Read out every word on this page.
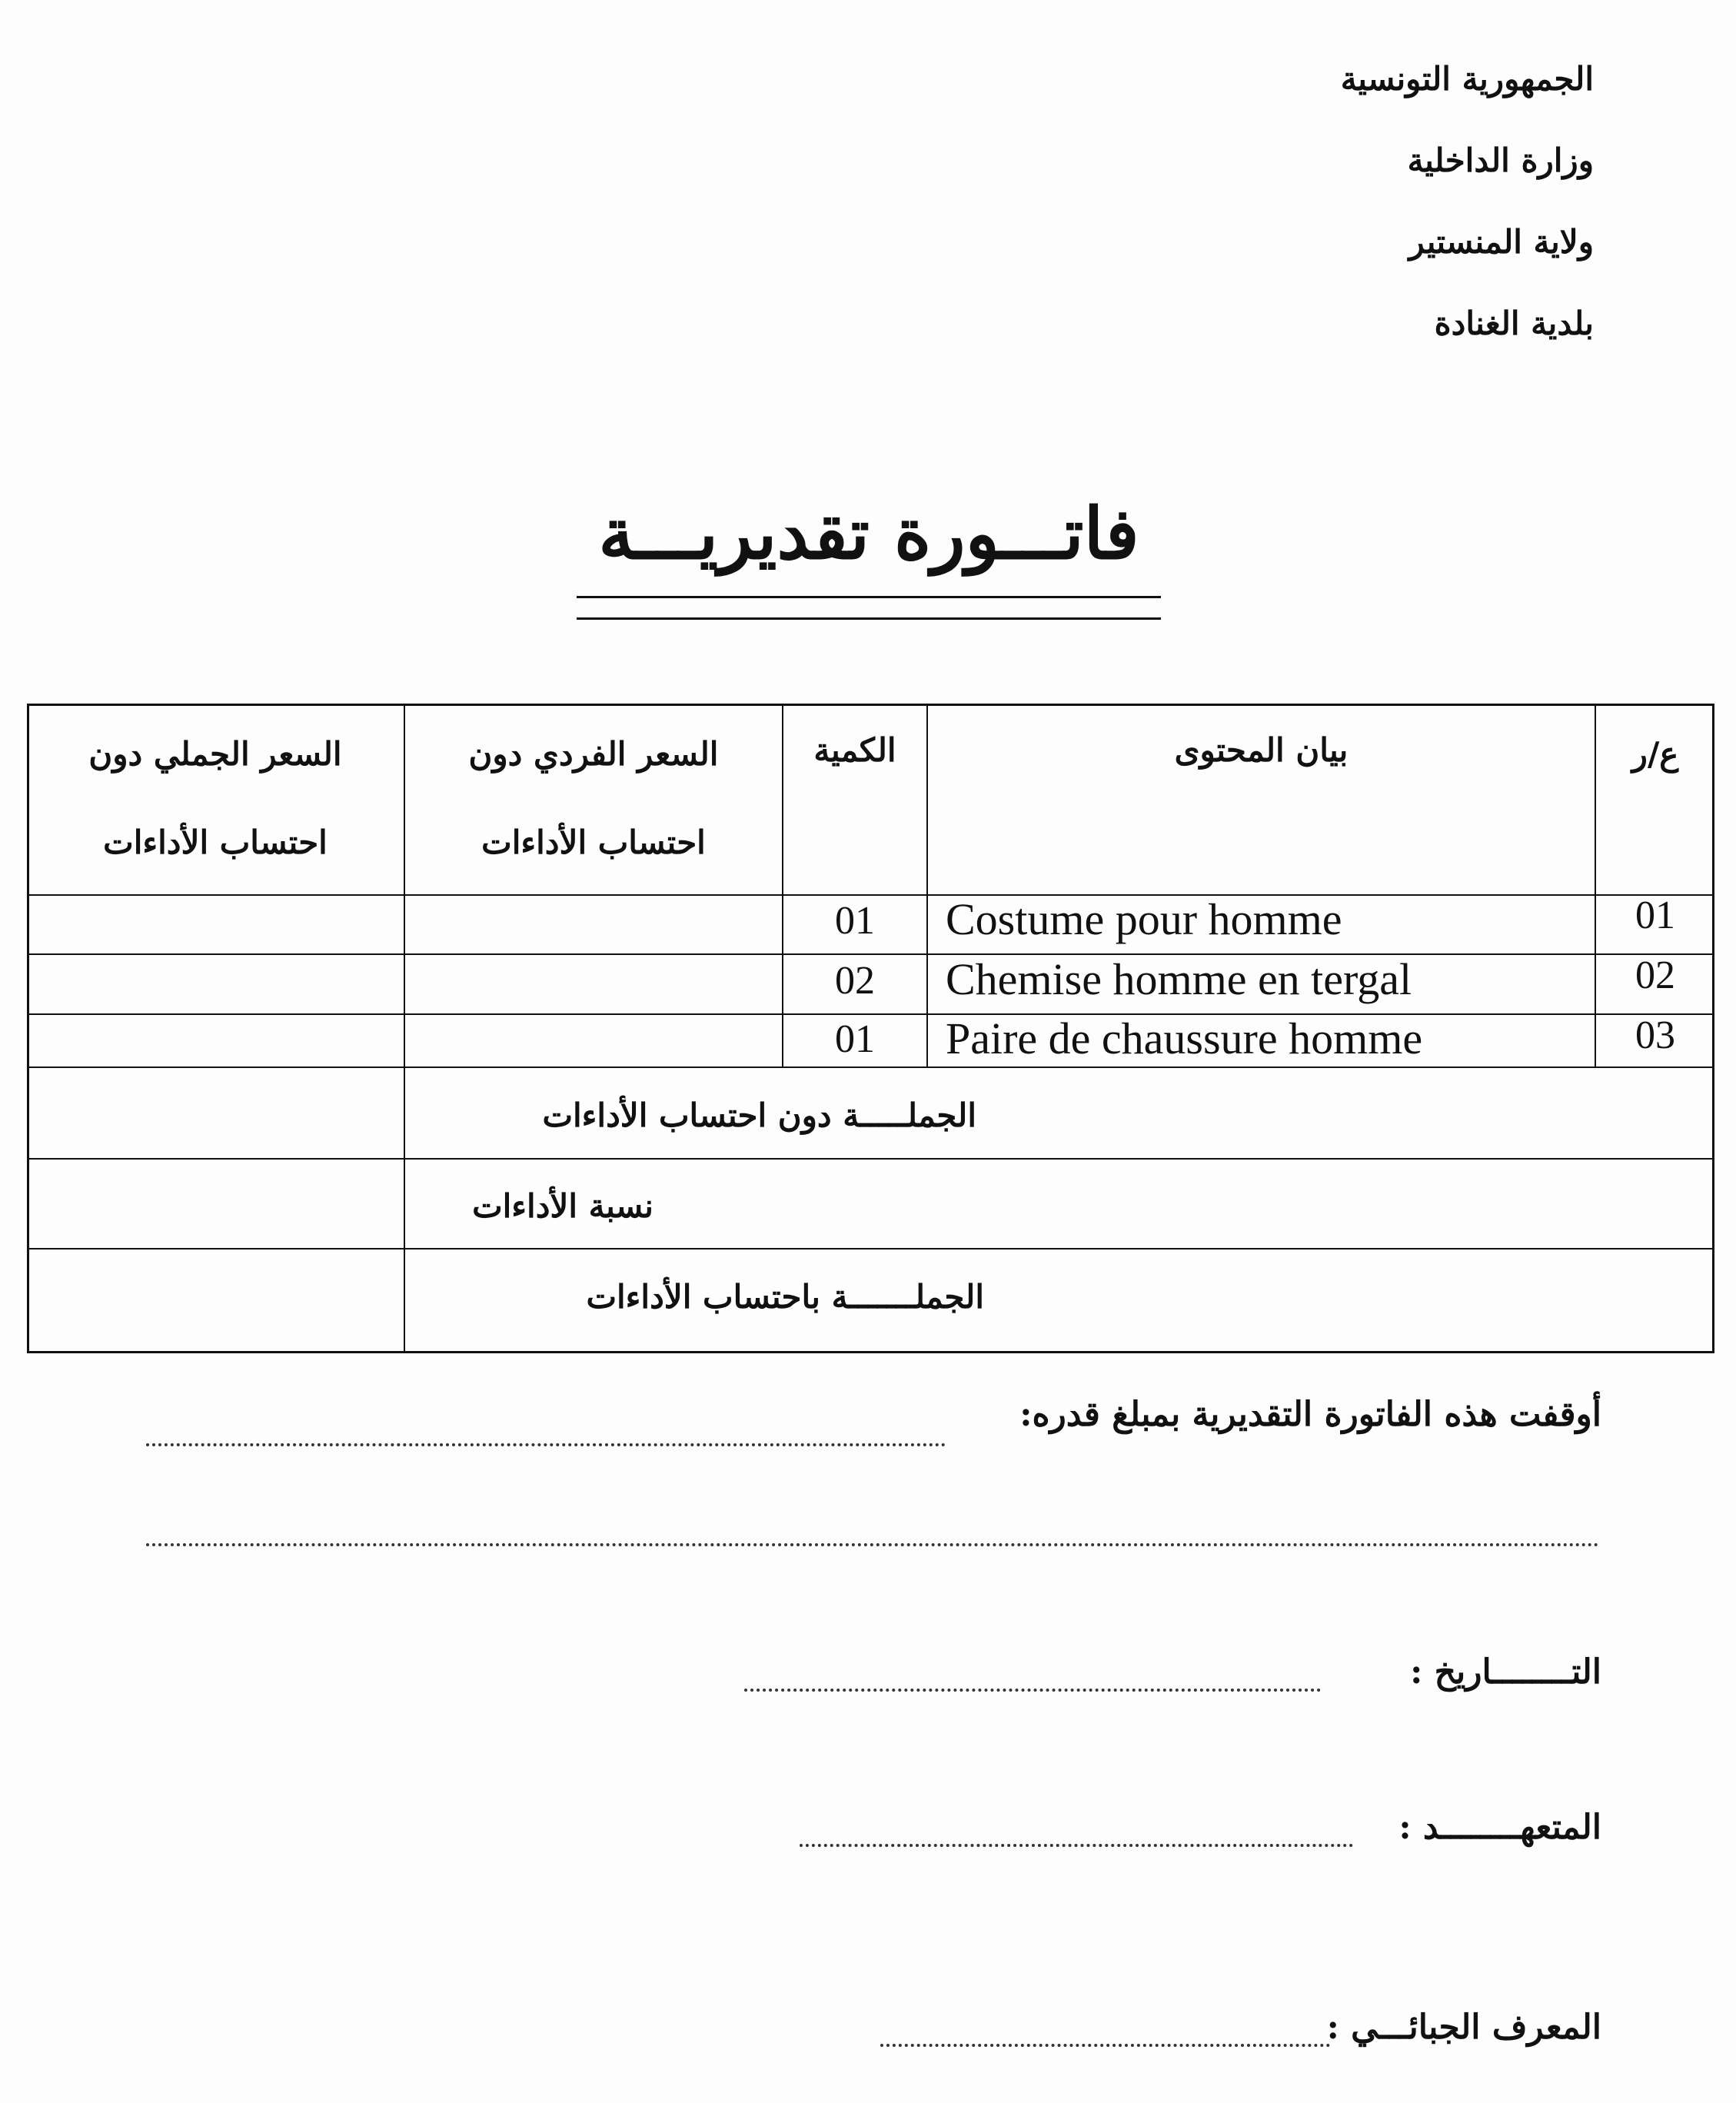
الجمهورية التونسية
وزارة الداخلية
ولاية المنستير
بلدية الغنادة
فاتـــورة تقديريـــة
ع/ر
بيان المحتوى
الكمية
السعر الفردي دون
احتساب الأداءات
السعر الجملي دون
احتساب الأداءات
01
Costume pour homme
01
02
Chemise homme en tergal
02
03
Paire de chaussure homme
01
الجملـــــة دون احتساب الأداءات
نسبة الأداءات
الجملـــــــة باحتساب الأداءات
أوقفت هذه الفاتورة التقديرية بمبلغ قدره:
التــــــــاريخ :
المتعهــــــــد :
المعرف الجبائـــي :
